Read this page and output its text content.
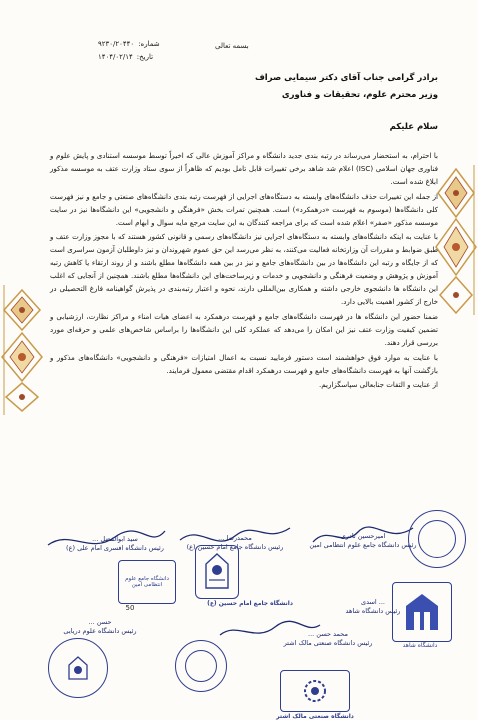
بسمه تعالی
شماره:
۹۲۳۰/۲۰۴۴۰
تاریخ:
۱۴۰۴/۰۲/۱۴
برادر گرامی جناب آقای دکتر سیمایی صراف
وزیر محترم علوم، تحقیقات و فناوری
سلام علیکم

با احترام، به استحضار می‌رساند در رتبه بندی جدید دانشگاه و مراکز آموزش عالی که اخیراً توسط موسسه استنادی و پایش علوم و فناوری جهان اسلامی (ISC) اعلام شد شاهد برخی تغییرات قابل تامل بودیم که ظاهراً از سوی ستاد وزارت عتف به موسسه مذکور ابلاغ شده است.

از جمله این تغییرات حذف دانشگاه‌های وابسته به دستگاه‌های اجرایی از فهرست رتبه بندی دانشگاه‌های صنعتی و جامع و نیز فهرست کلی دانشگاه‌ها (موسوم به فهرست «درهمکرد») است. همچنین تمرات بخش «فرهنگی و دانشجویی» این دانشگاه‌ها نیز در سایت موسسه مذکور «صفر» اعلام شده است که برای مراجعه کنندگان به این سایت مرجع مایه سوال و ابهام است.

با عنایت به اینکه دانشگاه‌های وابسته به دستگاه‌های اجرایی نیز دانشگاه‌های رسمی و قانونی کشور هستند که با مجوز وزارت عتف و طبق ضوابط و مقررات آن وزارتخانه فعالیت می‌کنند، به نظر می‌رسد این حق عموم شهروندان و نیز داوطلبان آزمون سراسری است که از جایگاه و رتبه این دانشگاه‌ها در بین دانشگاه‌های جامع و نیز در بین همه دانشگاه‌ها مطلع باشند و از روند ارتقاء یا کاهش رتبه آموزش و پژوهش و وضعیت فرهنگی و دانشجویی و خدمات و زیرساخت‌های این دانشگاه‌ها مطلع باشند. همچنین از آنجایی که اغلب این دانشگاه ها دانشجوی خارجی داشته و همکاری بین‌المللی دارند، نحوه و اعتبار رتبه‌بندی در پذیرش گواهینامه فارغ التحصیلی در خارج از کشور اهمیت بالایی دارد.

ضمنا حضور این دانشگاه ها در فهرست دانشگاه‌های جامع و فهرست درهمکرد به اعضای هیات امناء و مراکز نظارت، ارزشیابی و تضمین کیفیت وزارت عتف نیز این امکان را می‌دهد که عملکرد کلی این دانشگاه‌ها را براساس شاخص‌های علمی و حرفه‌ای مورد بررسی قرار دهند.

با عنایت به موارد فوق خواهشمند است دستور فرمایید نسبت به اعمال امتیازات «فرهنگی و دانشجویی» دانشگاه‌های مذکور و بازگشت آنها به فهرست دانشگاه‌های جامع و فهرست درهمکرد اقدام مقتضی معمول فرمایند.

از عنایت و التفات جنابعالی سپاسگزاریم.

امیرحسین نادری
رئیس دانشگاه جامع علوم انتظامی امین
محمدرضا ...
رئیس دانشگاه جامع امام حسین (ع)
دانشگاه جامع امام حسین (ع)
سید ابوالفضل ...
رئیس دانشگاه افسری امام علی (ع)
دانشگاه جامع علوم انتظامی امین
50
محمد حسن ...
رئیس دانشگاه صنعتی مالک اشتر
... اسدی
رئیس دانشگاه شاهد
دانشگاه شاهد
حسن ...
رئیس دانشگاه علوم دریایی
دانشگاه صنعتی مالک اشتر
